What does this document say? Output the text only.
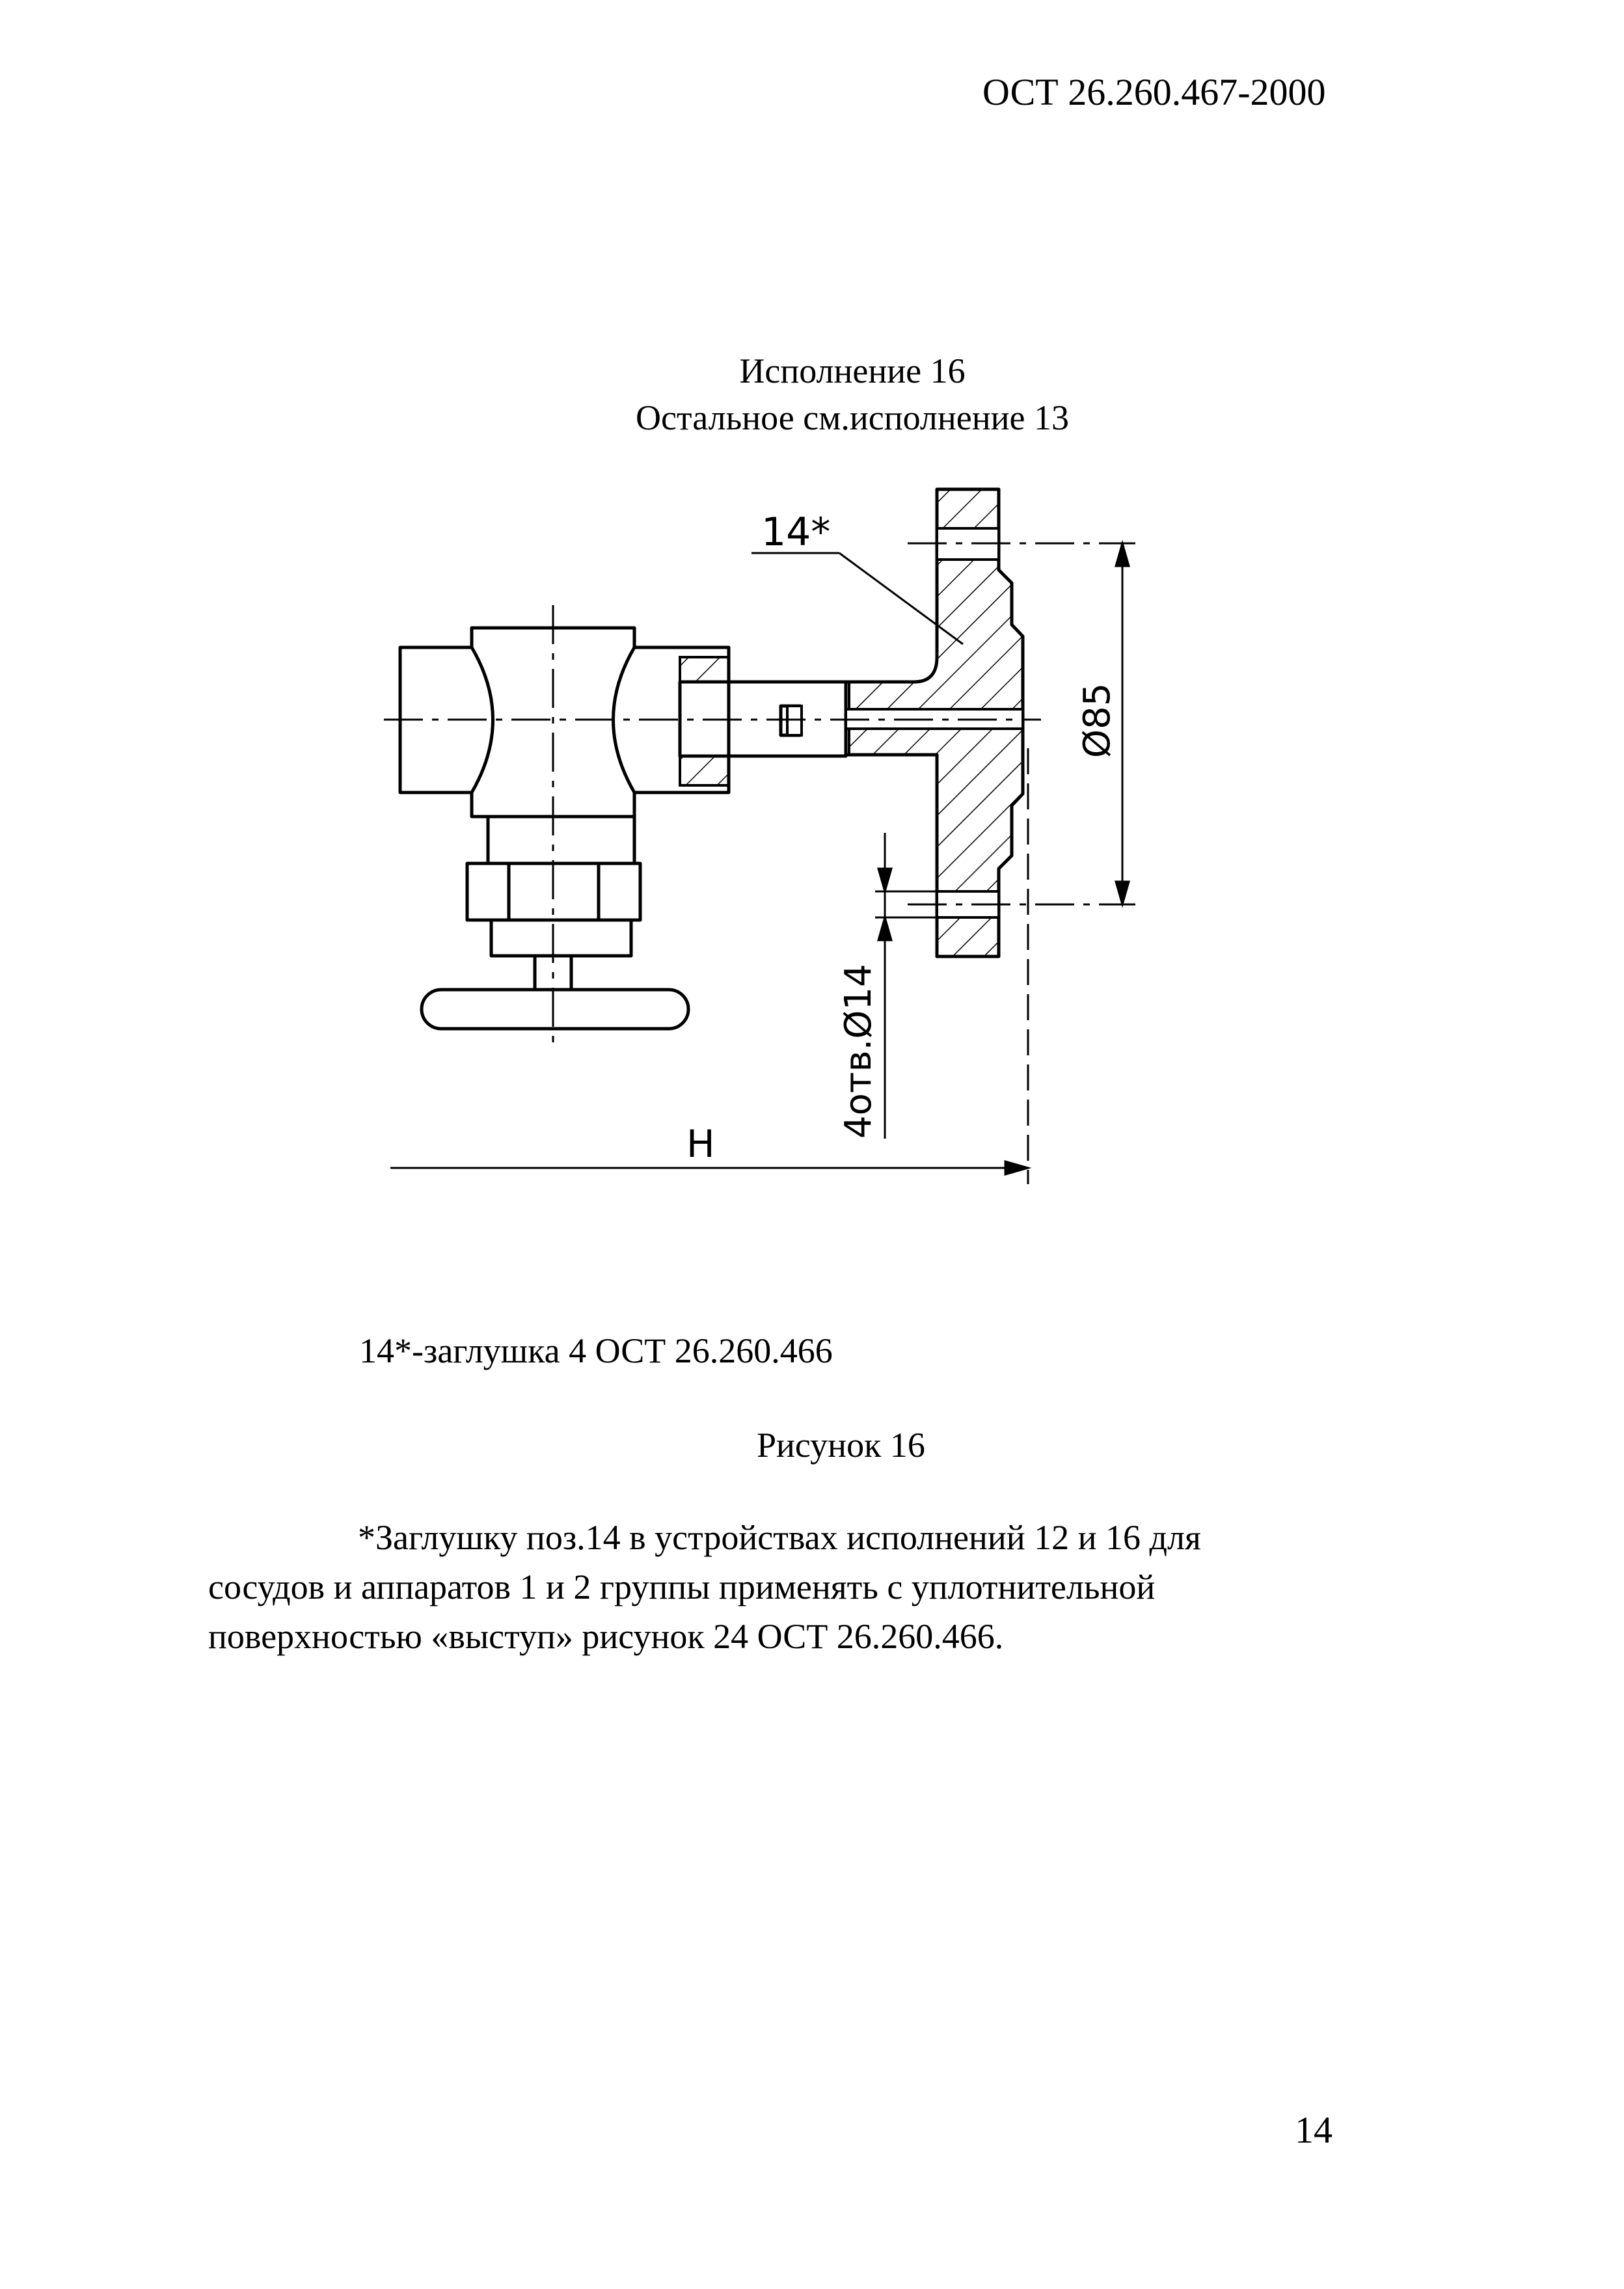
ОСТ 26.260.467-2000
Исполнение 16
Остальное см.исполнение 13
14*
Ø85
4отв.Ø14
Н
14*-заглушка 4 ОСТ 26.260.466
Рисунок 16
*Заглушку поз.14 в устройствах исполнений 12 и 16 для
сосудов и аппаратов 1 и 2 группы применять с уплотнительной
поверхностью «выступ» рисунок 24 ОСТ 26.260.466.
14
